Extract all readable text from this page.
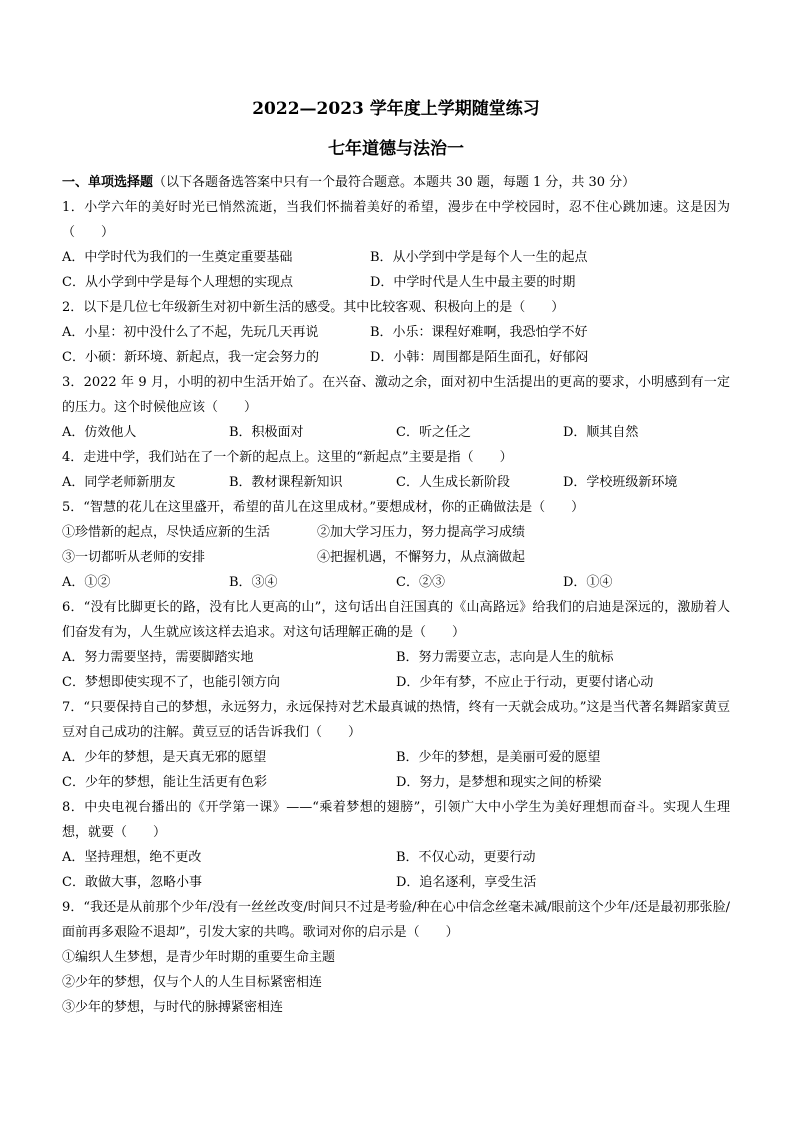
2022—2023 学年度上学期随堂练习
七年道德与法治一
一、单项选择题（以下各题备选答案中只有一个最符合题意。本题共 30 题，每题 1 分，共 30 分）
1．小学六年的美好时光已悄然流逝，当我们怀揣着美好的希望，漫步在中学校园时，忍不住心跳加速。这是因为（　　）
A．中学时代为我们的一生奠定重要基础	B．从小学到中学是每个人一生的起点
C．从小学到中学是每个人理想的实现点	D．中学时代是人生中最主要的时期
2．以下是几位七年级新生对初中新生活的感受。其中比较客观、积极向上的是（　　）
A．小星：初中没什么了不起，先玩几天再说	B．小乐：课程好难啊，我恐怕学不好
C．小硕：新环境、新起点，我一定会努力的	D．小韩：周围都是陌生面孔，好郁闷
3．2022 年 9 月，小明的初中生活开始了。在兴奋、激动之余，面对初中生活提出的更高的要求，小明感到有一定的压力。这个时候他应该（　　）
A．仿效他人	B．积极面对	C．听之任之	D．顺其自然
4．走进中学，我们站在了一个新的起点上。这里的“新起点”主要是指（　　）
A．同学老师新朋友	B．教材课程新知识	C．人生成长新阶段	D．学校班级新环境
5．“智慧的花儿在这里盛开，希望的苗儿在这里成材。”要想成材，你的正确做法是（　　）
①珍惜新的起点，尽快适应新的生活	②加大学习压力，努力提高学习成绩
③一切都听从老师的安排	④把握机遇，不懈努力，从点滴做起
A．①②	B．③④	C．②③	D．①④
6．“没有比脚更长的路，没有比人更高的山”，这句话出自汪国真的《山高路远》给我们的启迪是深远的，激励着人们奋发有为，人生就应该这样去追求。对这句话理解正确的是（　　）
A．努力需要坚持，需要脚踏实地	B．努力需要立志，志向是人生的航标
C．梦想即使实现不了，也能引领方向	D．少年有梦，不应止于行动，更要付诸心动
7．“只要保持自己的梦想，永远努力，永远保持对艺术最真诚的热情，终有一天就会成功。”这是当代著名舞蹈家黄豆豆对自己成功的注解。黄豆豆的话告诉我们（　　）
A．少年的梦想，是天真无邪的愿望	B．少年的梦想，是美丽可爱的愿望
C．少年的梦想，能让生活更有色彩	D．努力，是梦想和现实之间的桥梁
8．中央电视台播出的《开学第一课》——“乘着梦想的翅膀”，引领广大中小学生为美好理想而奋斗。实现人生理想，就要（　　）
A．坚持理想，绝不更改	B．不仅心动，更要行动
C．敢做大事，忽略小事	D．追名逐利，享受生活
9．“我还是从前那个少年/没有一丝丝改变/时间只不过是考验/种在心中信念丝毫未减/眼前这个少年/还是最初那张脸/面前再多艰险不退却”，引发大家的共鸣。歌词对你的启示是（　　）
①编织人生梦想，是青少年时期的重要生命主题
②少年的梦想，仅与个人的人生目标紧密相连
③少年的梦想，与时代的脉搏紧密相连
